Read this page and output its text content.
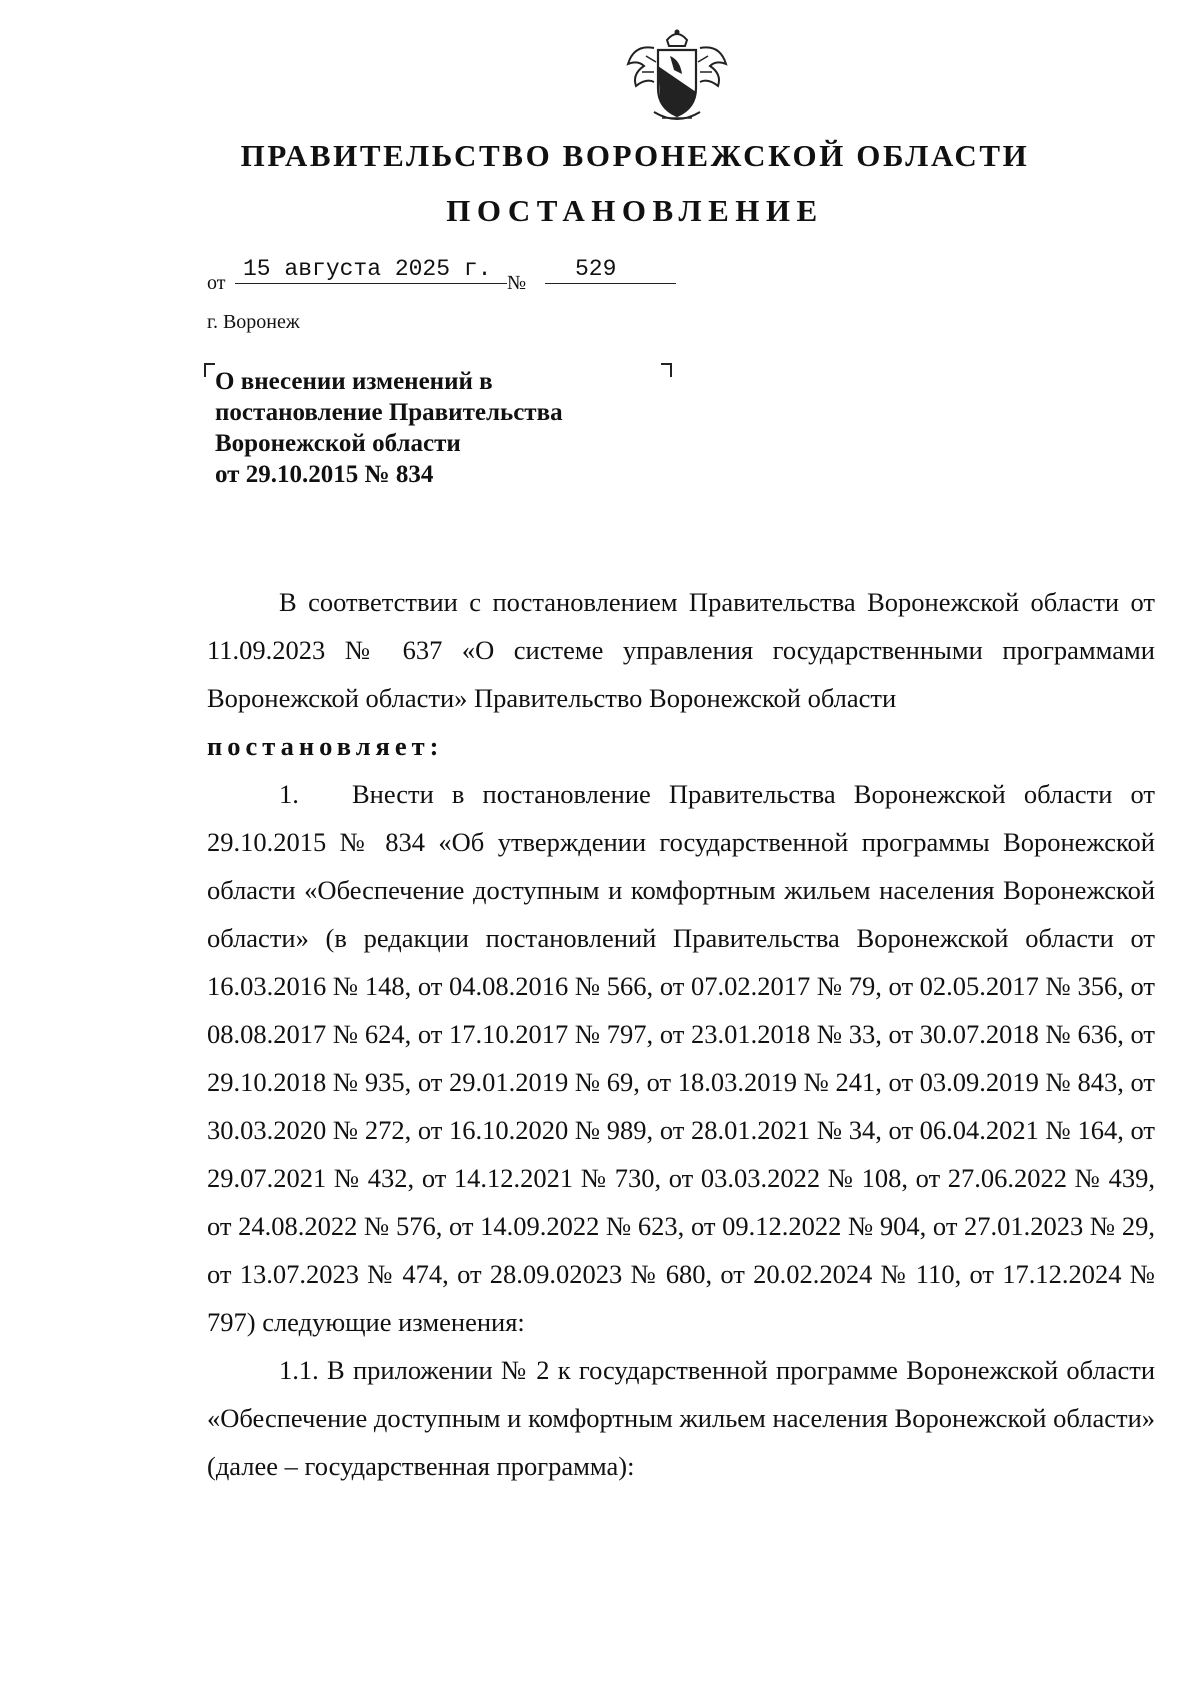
ПРАВИТЕЛЬСТВО ВОРОНЕЖСКОЙ ОБЛАСТИ
ПОСТАНОВЛЕНИЕ
от
15 августа 2025 г.
№
529
г. Воронеж
О внесении изменений в
постановление Правительства
Воронежской области
от 29.10.2015 № 834

В соответствии с постановлением Правительства Воронежской области от 11.09.2023 № 637 «О системе управления государственными программами Воронежской области» Правительство Воронежской области

постановляет:

1. Внести в постановление Правительства Воронежской области от 29.10.2015 № 834 «Об утверждении государственной программы Воронежской области «Обеспечение доступным и комфортным жильем населения Воронежской области» (в редакции постановлений Правительства Воронежской области от 16.03.2016 № 148, от 04.08.2016 № 566, от 07.02.2017 № 79, от 02.05.2017 № 356, от 08.08.2017 № 624, от 17.10.2017 № 797, от 23.01.2018 № 33, от 30.07.2018 № 636, от 29.10.2018 № 935, от 29.01.2019 № 69, от 18.03.2019 № 241, от 03.09.2019 № 843, от 30.03.2020 № 272, от 16.10.2020 № 989, от 28.01.2021 № 34, от 06.04.2021 № 164, от 29.07.2021 № 432, от 14.12.2021 № 730, от 03.03.2022 № 108, от 27.06.2022 № 439, от 24.08.2022 № 576, от 14.09.2022 № 623, от 09.12.2022 № 904, от 27.01.2023 № 29, от 13.07.2023 № 474, от 28.09.02023 № 680, от 20.02.2024 № 110, от 17.12.2024 № 797) следующие изменения:

1.1. В приложении № 2 к государственной программе Воронежской области «Обеспечение доступным и комфортным жильем населения Воронежской области» (далее – государственная программа):
